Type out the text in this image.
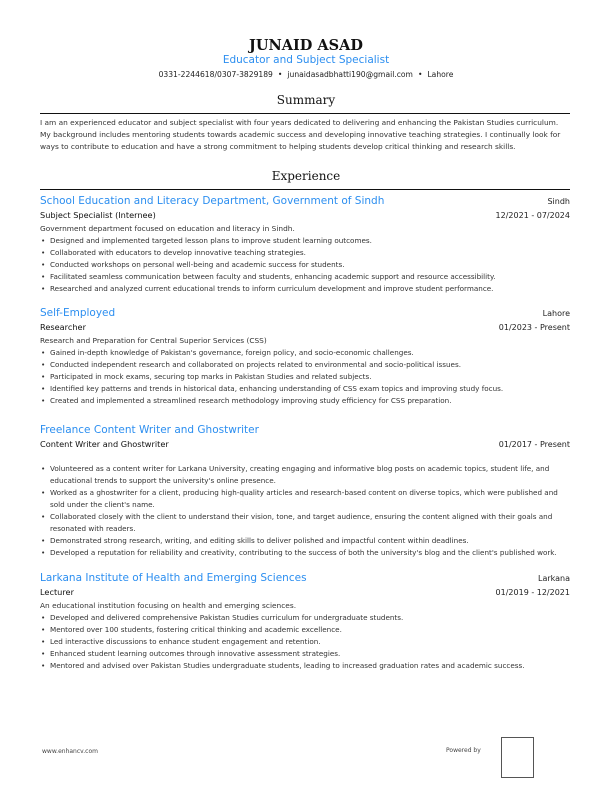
JUNAID ASAD
Educator and Subject Specialist
0331-2244618/0307-3829189 • junaidasadbhatti190@gmail.com • Lahore
Summary
I am an experienced educator and subject specialist with four years dedicated to delivering and enhancing the Pakistan Studies curriculum. My background includes mentoring students towards academic success and developing innovative teaching strategies. I continually look for ways to contribute to education and have a strong commitment to helping students develop critical thinking and research skills.
Experience
School Education and Literacy Department, Government of Sindh	Sindh
Subject Specialist (Internee)	12/2021 - 07/2024
Government department focused on education and literacy in Sindh.
• Designed and implemented targeted lesson plans to improve student learning outcomes.
• Collaborated with educators to develop innovative teaching strategies.
• Conducted workshops on personal well-being and academic success for students.
• Facilitated seamless communication between faculty and students, enhancing academic support and resource accessibility.
• Researched and analyzed current educational trends to inform curriculum development and improve student performance.
Self-Employed	Lahore
Researcher	01/2023 - Present
Research and Preparation for Central Superior Services (CSS)
• Gained in-depth knowledge of Pakistan's governance, foreign policy, and socio-economic challenges.
• Conducted independent research and collaborated on projects related to environmental and socio-political issues.
• Participated in mock exams, securing top marks in Pakistan Studies and related subjects.
• Identified key patterns and trends in historical data, enhancing understanding of CSS exam topics and improving study focus.
• Created and implemented a streamlined research methodology improving study efficiency for CSS preparation.
Freelance Content Writer and Ghostwriter
Content Writer and Ghostwriter	01/2017 - Present
• Volunteered as a content writer for Larkana University, creating engaging and informative blog posts on academic topics, student life, and educational trends to support the university's online presence.
• Worked as a ghostwriter for a client, producing high-quality articles and research-based content on diverse topics, which were published and sold under the client's name.
• Collaborated closely with the client to understand their vision, tone, and target audience, ensuring the content aligned with their goals and resonated with readers.
• Demonstrated strong research, writing, and editing skills to deliver polished and impactful content within deadlines.
• Developed a reputation for reliability and creativity, contributing to the success of both the university's blog and the client's published work.
Larkana Institute of Health and Emerging Sciences	Larkana
Lecturer	01/2019 - 12/2021
An educational institution focusing on health and emerging sciences.
• Developed and delivered comprehensive Pakistan Studies curriculum for undergraduate students.
• Mentored over 100 students, fostering critical thinking and academic excellence.
• Led interactive discussions to enhance student engagement and retention.
• Enhanced student learning outcomes through innovative assessment strategies.
• Mentored and advised over Pakistan Studies undergraduate students, leading to increased graduation rates and academic success.
www.enhancv.com	Powered by
